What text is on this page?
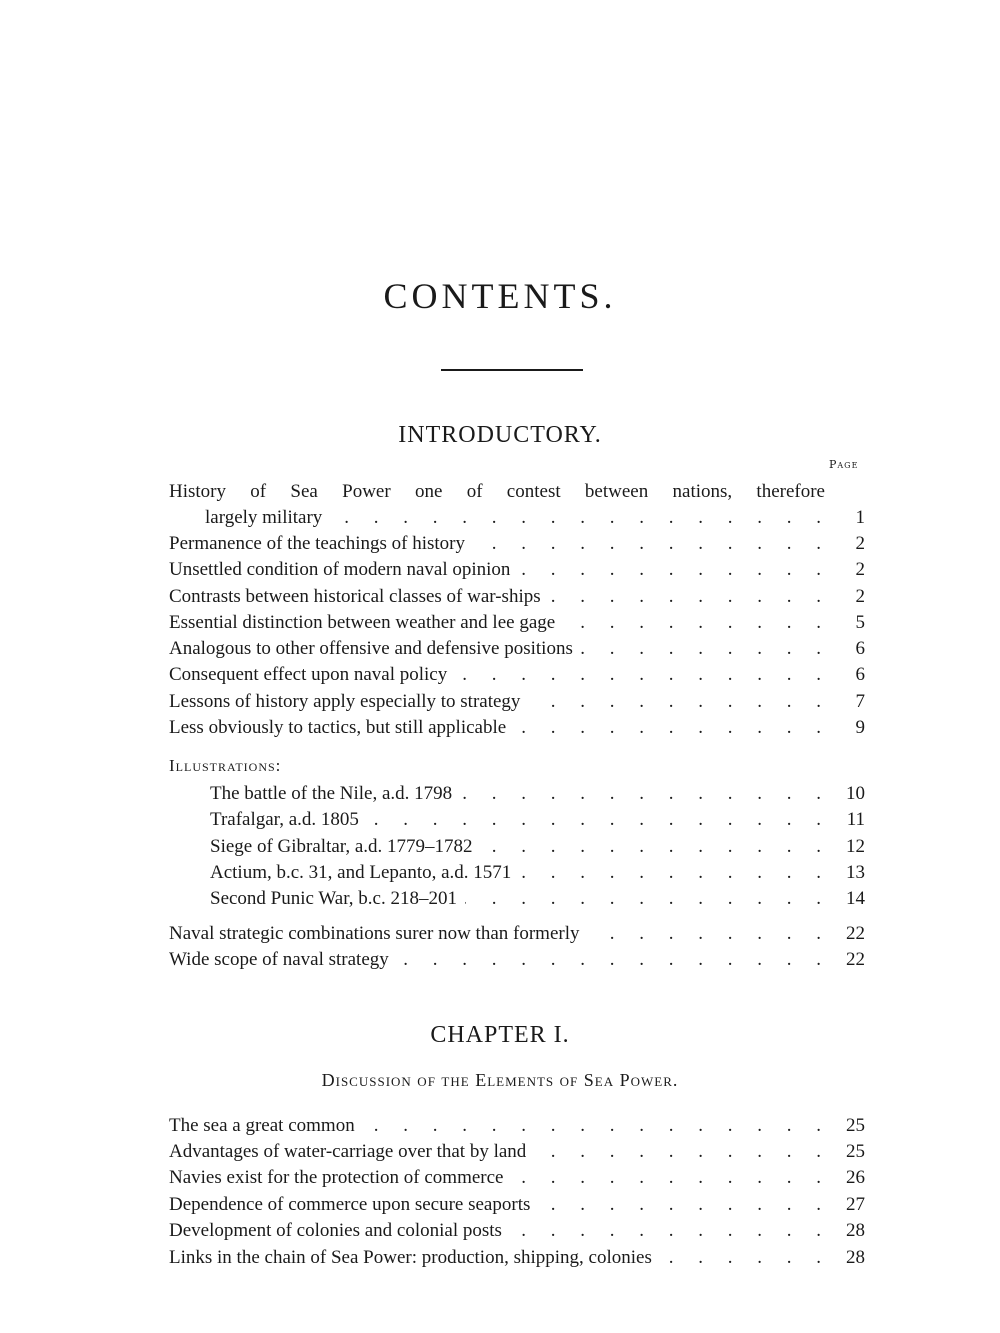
CONTENTS.
INTRODUCTORY.
Page
History of Sea Power one of contest between nations, therefore
largely military . . .	1
Permanence of the teachings of history . . .	2
Unsettled condition of modern naval opinion . . .	2
Contrasts between historical classes of war-ships . . .	2
Essential distinction between weather and lee gage . . .	5
Analogous to other offensive and defensive positions . . .	6
Consequent effect upon naval policy . . .	6
Lessons of history apply especially to strategy . . .	7
Less obviously to tactics, but still applicable . . .	9
Illustrations:
The battle of the Nile, a.d. 1798 . . .	10
Trafalgar, a.d. 1805 . . .	11
Siege of Gibraltar, a.d. 1779–1782 . . .	12
Actium, b.c. 31, and Lepanto, a.d. 1571 . . .	13
Second Punic War, b.c. 218–201 . . .	14
Naval strategic combinations surer now than formerly . . .	22
Wide scope of naval strategy . . .	22
CHAPTER I.
Discussion of the Elements of Sea Power.
The sea a great common . . .	25
Advantages of water-carriage over that by land . . .	25
Navies exist for the protection of commerce . . .	26
Dependence of commerce upon secure seaports . . .	27
Development of colonies and colonial posts . . .	28
Links in the chain of Sea Power: production, shipping, colonies . . .	28
